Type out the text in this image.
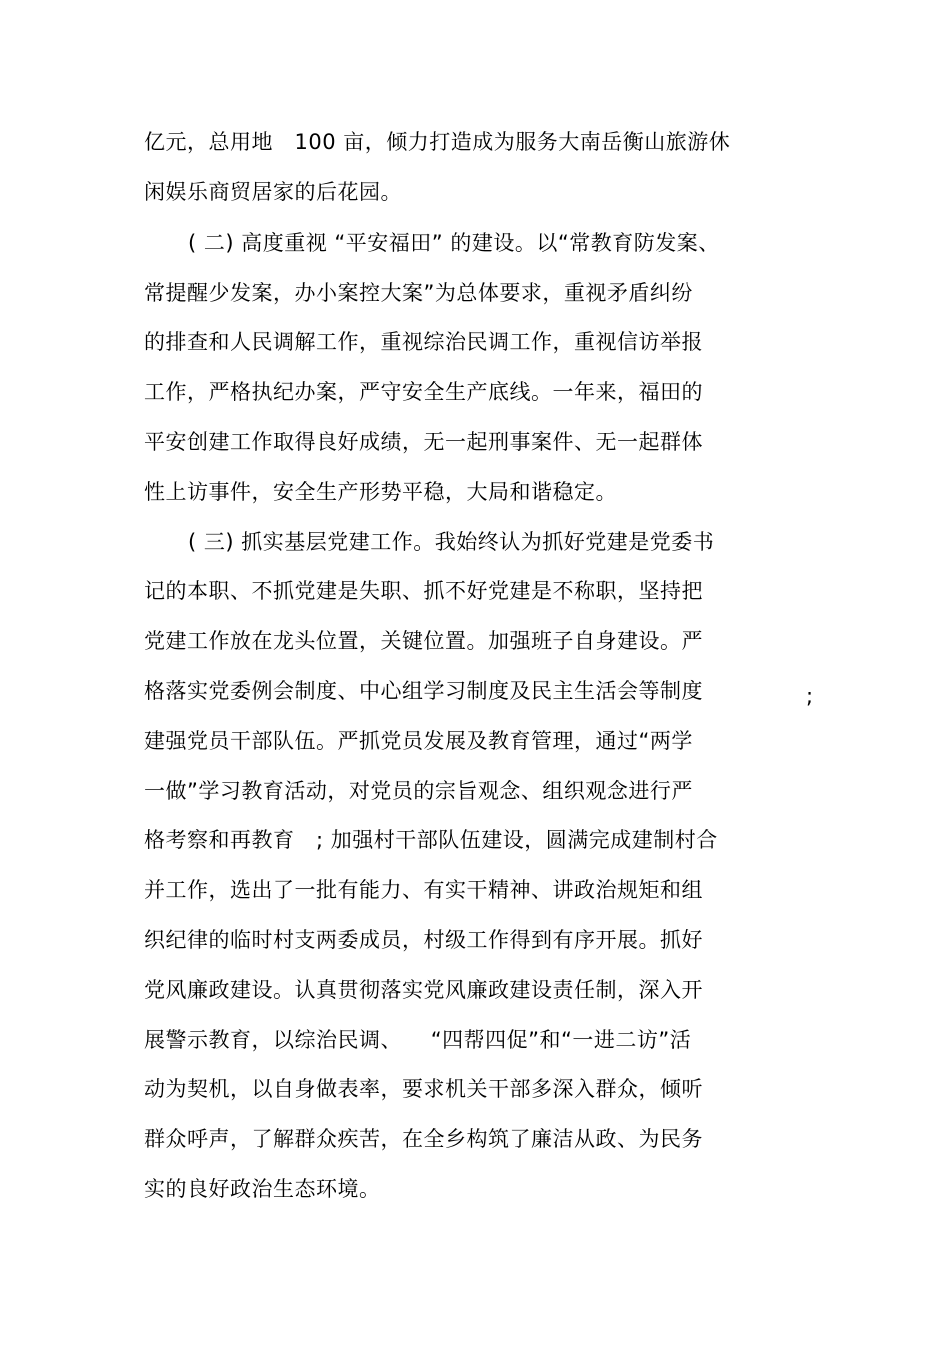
亿元，总用地   100 亩，倾力打造成为服务大南岳衡山旅游休
闲娱乐商贸居家的后花园。
( 二) 高度重视 “平安福田” 的建设。以“常教育防发案、
常提醒少发案，办小案控大案”为总体要求，重视矛盾纠纷
的排查和人民调解工作，重视综治民调工作，重视信访举报
工作，严格执纪办案，严守安全生产底线。一年来，福田的
平安创建工作取得良好成绩，无一起刑事案件、无一起群体
性上访事件，安全生产形势平稳，大局和谐稳定。
( 三) 抓实基层党建工作。我始终认为抓好党建是党委书
记的本职、不抓党建是失职、抓不好党建是不称职，坚持把
党建工作放在龙头位置，关键位置。加强班子自身建设。严
格落实党委例会制度、中心组学习制度及民主生活会等制度	;
建强党员干部队伍。严抓党员发展及教育管理，通过“两学
一做”学习教育活动，对党员的宗旨观念、组织观念进行严
格考察和再教育   ; 加强村干部队伍建设，圆满完成建制村合
并工作，选出了一批有能力、有实干精神、讲政治规矩和组
织纪律的临时村支两委成员，村级工作得到有序开展。抓好
党风廉政建设。认真贯彻落实党风廉政建设责任制，深入开
展警示教育，以综治民调、    “四帮四促”和“一进二访”活
动为契机，以自身做表率，要求机关干部多深入群众，倾听
群众呼声，了解群众疾苦，在全乡构筑了廉洁从政、为民务
实的良好政治生态环境。
